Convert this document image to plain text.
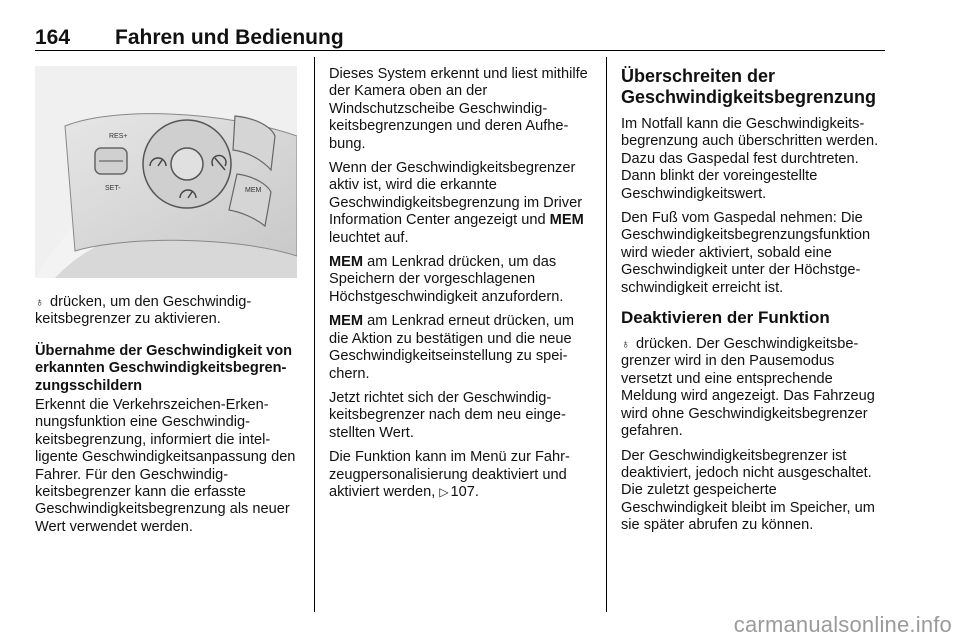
164 Fahren und Bedienung
RES+
SET-	MEM

♁ drücken, um den Geschwindigkeitsbegrenzer zu aktivieren.

Übernahme der Geschwindigkeit von erkannten Geschwindigkeitsbegrenzungsschildern

Erkennt die Verkehrszeichen-Erkennungsfunktion eine Geschwindigkeitsbegrenzung, informiert die intelligente Geschwindigkeitsanpassung den Fahrer. Für den Geschwindigkeitsbegrenzer kann die erfasste Geschwindigkeitsbegrenzung als neuer Wert verwendet werden.

Dieses System erkennt und liest mithilfe der Kamera oben an der Windschutzscheibe Geschwindigkeitsbegrenzungen und deren Aufhebung.

Wenn der Geschwindigkeitsbegrenzer aktiv ist, wird die erkannte Geschwindigkeitsbegrenzung im Driver Information Center angezeigt und MEM leuchtet auf.

MEM am Lenkrad drücken, um das Speichern der vorgeschlagenen Höchstgeschwindigkeit anzufordern.

MEM am Lenkrad erneut drücken, um die Aktion zu bestätigen und die neue Geschwindigkeitseinstellung zu speichern.

Jetzt richtet sich der Geschwindigkeitsbegrenzer nach dem neu eingestellten Wert.

Die Funktion kann im Menü zur Fahrzeugpersonalisierung deaktiviert und aktiviert werden, ▷ 107.

Überschreiten der Geschwindigkeitsbegrenzung

Im Notfall kann die Geschwindigkeitsbegrenzung auch überschritten werden. Dazu das Gaspedal fest durchtreten. Dann blinkt der voreingestellte Geschwindigkeitswert.

Den Fuß vom Gaspedal nehmen: Die Geschwindigkeitsbegrenzungsfunktion wird wieder aktiviert, sobald eine Geschwindigkeit unter der Höchstgeschwindigkeit erreicht ist.

Deaktivieren der Funktion

♁ drücken. Der Geschwindigkeitsbegrenzer wird in den Pausemodus versetzt und eine entsprechende Meldung wird angezeigt. Das Fahrzeug wird ohne Geschwindigkeitsbegrenzer gefahren.

Der Geschwindigkeitsbegrenzer ist deaktiviert, jedoch nicht ausgeschaltet. Die zuletzt gespeicherte Geschwindigkeit bleibt im Speicher, um sie später abrufen zu können.

carmanualsonline.info
